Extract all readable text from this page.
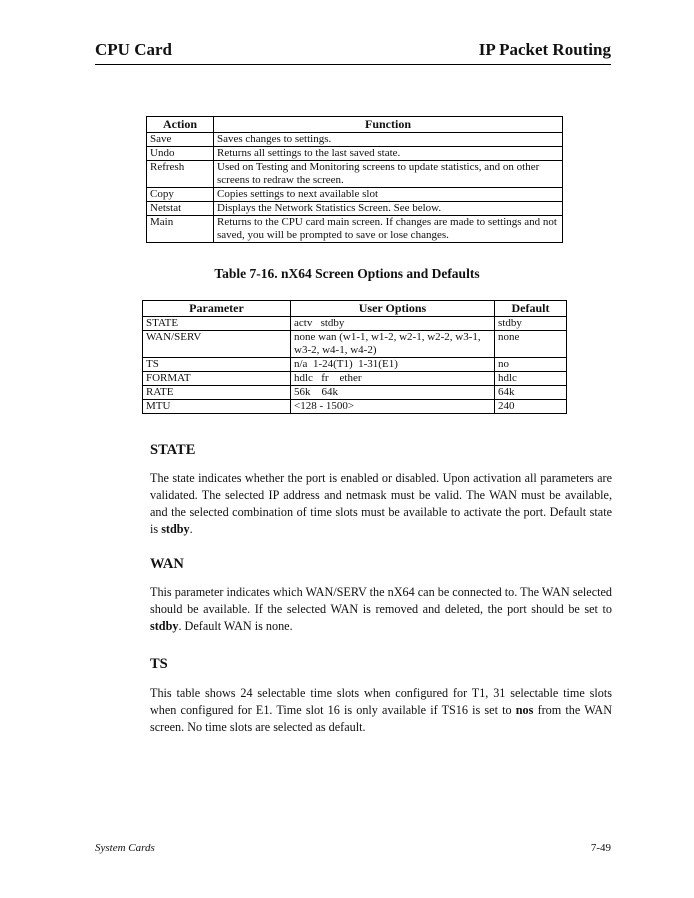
CPU Card	IP Packet Routing
Action	Function
Save	Saves changes to settings.
Undo	Returns all settings to the last saved state.
Refresh	Used on Testing and Monitoring screens to update statistics, and on other screens to redraw the screen.
Copy	Copies settings to next available slot
Netstat	Displays the Network Statistics Screen. See below.
Main	Returns to the CPU card main screen. If changes are made to settings and not saved, you will be prompted to save or lose changes.
Table 7-16. nX64 Screen Options and Defaults
Parameter	User Options	Default
STATE	actv   stdby	stdby
WAN/SERV	none wan (w1-1, w1-2, w2-1, w2-2, w3-1, w3-2, w4-1, w4-2)	none
TS	n/a  1-24(T1)  1-31(E1)	no
FORMAT	hdlc   fr    ether	hdlc
RATE	56k    64k	64k
MTU	<128 - 1500>	240
STATE
The state indicates whether the port is enabled or disabled. Upon activation all parameters are validated. The selected IP address and netmask must be valid. The WAN must be available, and the selected combination of time slots must be available to activate the port. Default state is stdby.
WAN
This parameter indicates which WAN/SERV the nX64 can be connected to. The WAN selected should be available. If the selected WAN is removed and deleted, the port should be set to stdby. Default WAN is none.
TS
This table shows 24 selectable time slots when configured for T1, 31 selectable time slots when configured for E1. Time slot 16 is only available if TS16 is set to nos from the WAN screen. No time slots are selected as default.
System Cards	7-49
